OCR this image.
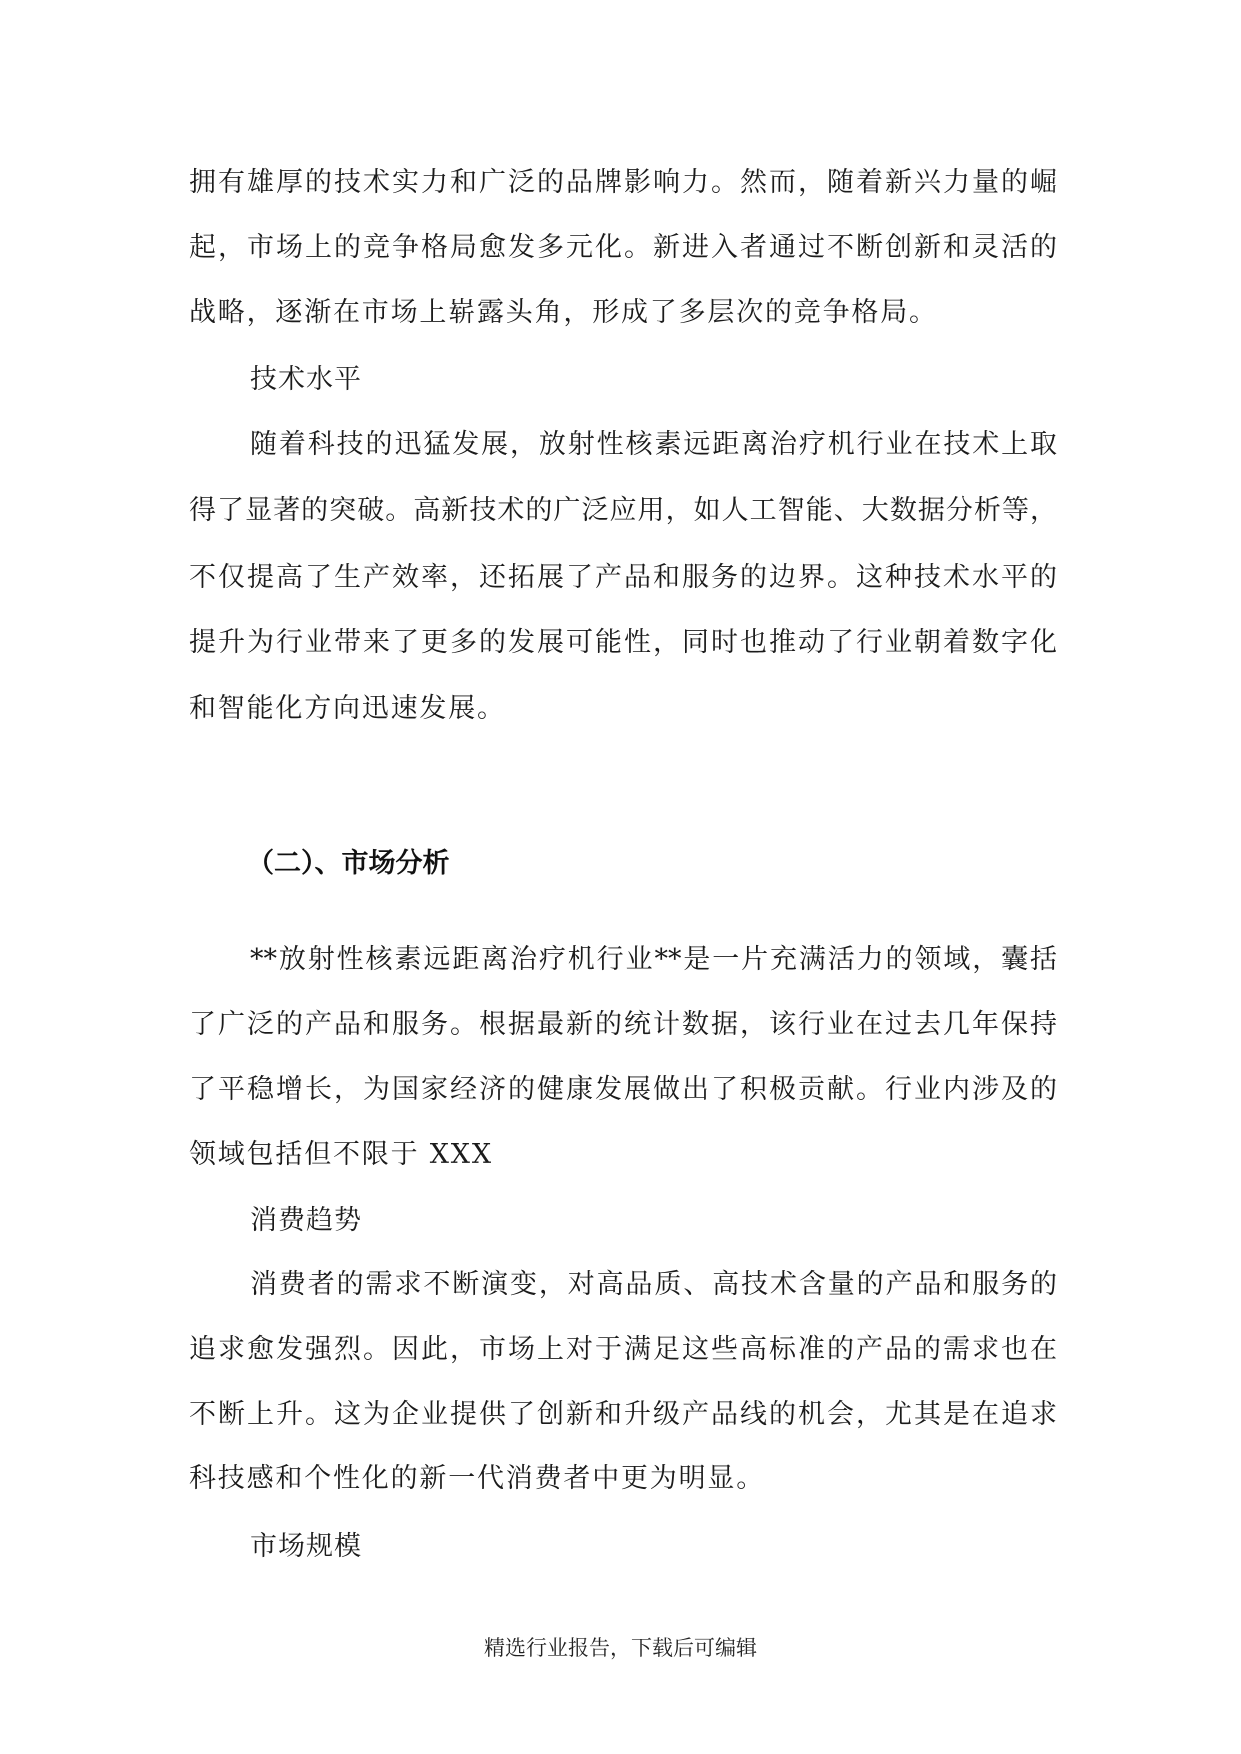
拥有雄厚的技术实力和广泛的品牌影响力。然而，随着新兴力量的崛
起，市场上的竞争格局愈发多元化。新进入者通过不断创新和灵活的
战略，逐渐在市场上崭露头角，形成了多层次的竞争格局。
技术水平
随着科技的迅猛发展，放射性核素远距离治疗机行业在技术上取
得了显著的突破。高新技术的广泛应用，如人工智能、大数据分析等，
不仅提高了生产效率，还拓展了产品和服务的边界。这种技术水平的
提升为行业带来了更多的发展可能性，同时也推动了行业朝着数字化
和智能化方向迅速发展。
（二）、市场分析
**放射性核素远距离治疗机行业**是一片充满活力的领域，囊括
了广泛的产品和服务。根据最新的统计数据，该行业在过去几年保持
了平稳增长，为国家经济的健康发展做出了积极贡献。行业内涉及的
领域包括但不限于 XXX
消费趋势
消费者的需求不断演变，对高品质、高技术含量的产品和服务的
追求愈发强烈。因此，市场上对于满足这些高标准的产品的需求也在
不断上升。这为企业提供了创新和升级产品线的机会，尤其是在追求
科技感和个性化的新一代消费者中更为明显。
市场规模
精选行业报告，下载后可编辑
